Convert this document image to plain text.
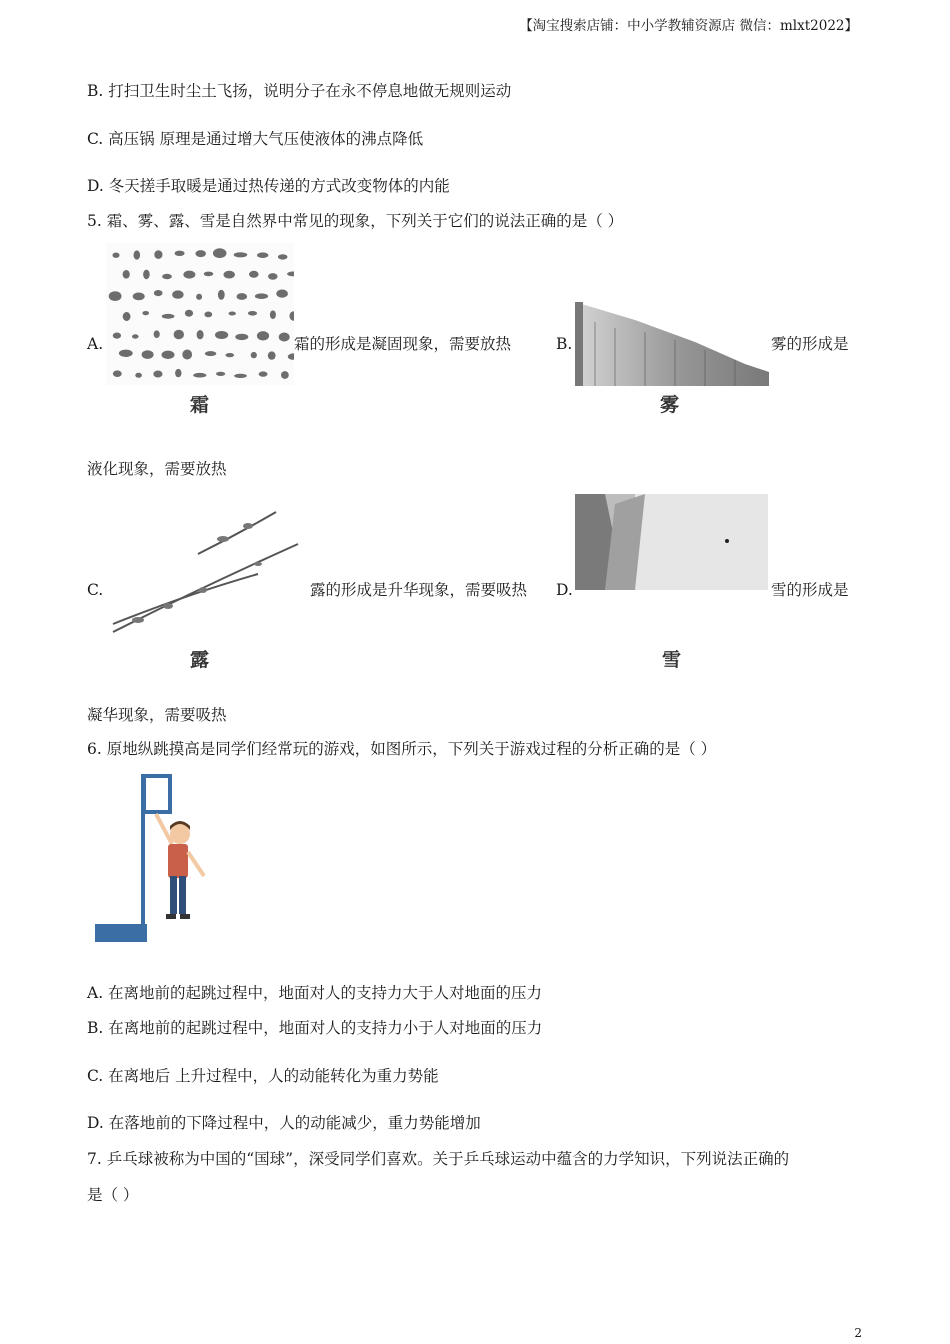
【淘宝搜索店铺：中小学教辅资源店 微信：mlxt2022】
B. 打扫卫生时尘土飞扬，说明分子在永不停息地做无规则运动
C. 高压锅 原理是通过增大气压使液体的沸点降低
D. 冬天搓手取暖是通过热传递的方式改变物体的内能
5. 霜、雾、露、雪是自然界中常见的现象，下列关于它们的说法正确的是（ ）
A.
霜
霜的形成是凝固现象，需要放热	B.
雾
雾的形成是
液化现象，需要放热
C.
露
露的形成是升华现象，需要吸热 D.
雪
雪的形成是
凝华现象，需要吸热
6. 原地纵跳摸高是同学们经常玩的游戏，如图所示，下列关于游戏过程的分析正确的是（ ）
A. 在离地前的起跳过程中，地面对人的支持力大于人对地面的压力
B. 在离地前的起跳过程中，地面对人的支持力小于人对地面的压力
C. 在离地后 上升过程中，人的动能转化为重力势能
D. 在落地前的下降过程中，人的动能减少，重力势能增加
7. 乒乓球被称为中国的“国球”，深受同学们喜欢。关于乒乓球运动中蕴含的力学知识，下列说法正确的
是（ ）
2
